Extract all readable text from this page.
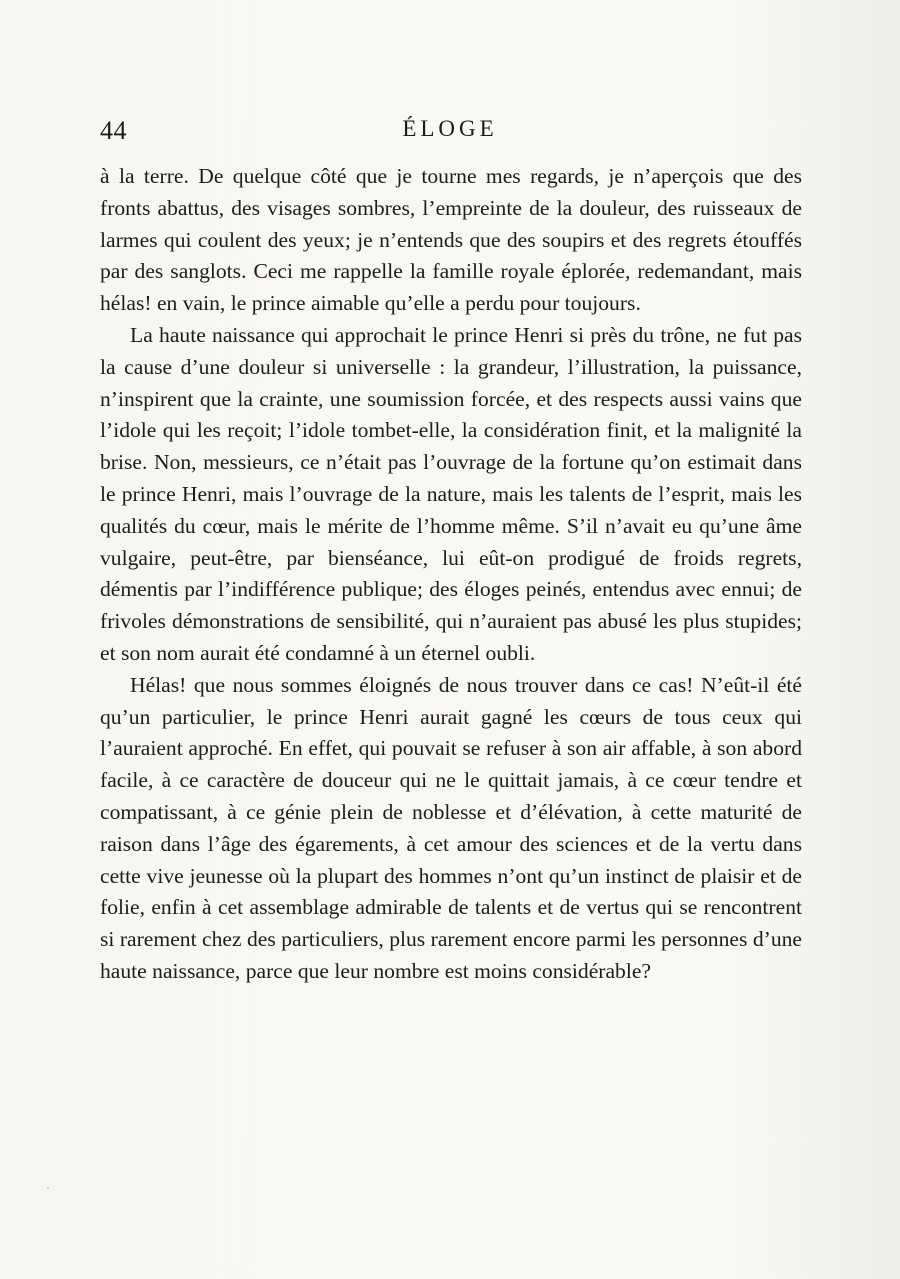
44	ÉLOGE

à la terre. De quelque côté que je tourne mes regards, je n’aperçois que des fronts abattus, des visages sombres, l’empreinte de la douleur, des ruisseaux de larmes qui coulent des yeux; je n’entends que des soupirs et des regrets étouffés par des sanglots. Ceci me rappelle la famille royale éplorée, redemandant, mais hélas! en vain, le prince aimable qu’elle a perdu pour toujours.

La haute naissance qui approchait le prince Henri si près du trône, ne fut pas la cause d’une douleur si universelle : la grandeur, l’illustration, la puissance, n’inspirent que la crainte, une soumission forcée, et des respects aussi vains que l’idole qui les reçoit; l’idole tombet-elle, la considération finit, et la malignité la brise. Non, messieurs, ce n’était pas l’ouvrage de la fortune qu’on estimait dans le prince Henri, mais l’ouvrage de la nature, mais les talents de l’esprit, mais les qualités du cœur, mais le mérite de l’homme même. S’il n’avait eu qu’une âme vulgaire, peut-être, par bienséance, lui eût-on prodigué de froids regrets, démentis par l’indifférence publique; des éloges peinés, entendus avec ennui; de frivoles démonstrations de sensibilité, qui n’auraient pas abusé les plus stupides; et son nom aurait été condamné à un éternel oubli.

Hélas! que nous sommes éloignés de nous trouver dans ce cas! N’eût-il été qu’un particulier, le prince Henri aurait gagné les cœurs de tous ceux qui l’auraient approché. En effet, qui pouvait se refuser à son air affable, à son abord facile, à ce caractère de douceur qui ne le quittait jamais, à ce cœur tendre et compatissant, à ce génie plein de noblesse et d’élévation, à cette maturité de raison dans l’âge des égarements, à cet amour des sciences et de la vertu dans cette vive jeunesse où la plupart des hommes n’ont qu’un instinct de plaisir et de folie, enfin à cet assemblage admirable de talents et de vertus qui se rencontrent si rarement chez des particuliers, plus rarement encore parmi les personnes d’une haute naissance, parce que leur nombre est moins considérable?
